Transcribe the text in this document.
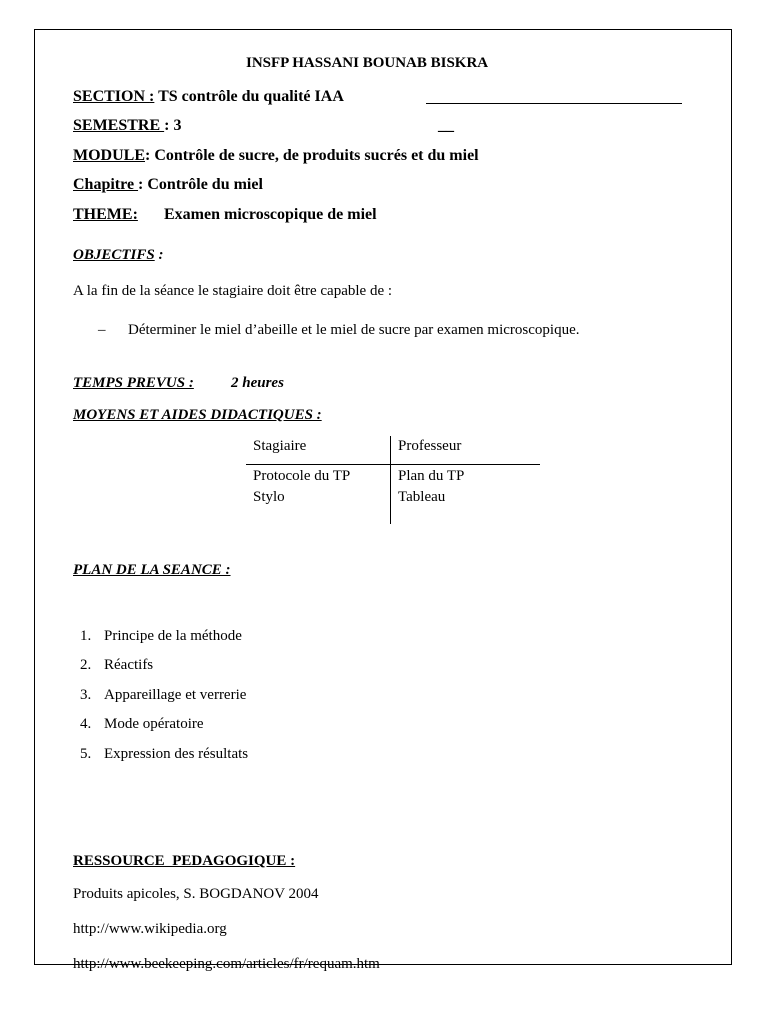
INSFP HASSANI BOUNAB BISKRA
SECTION : TS contrôle du qualité IAA
SEMESTRE : 3	__
MODULE: Contrôle de sucre, de produits sucrés et du miel
Chapitre : Contrôle du miel
THEME: Examen microscopique de miel
OBJECTIFS :
A la fin de la séance le stagiaire doit être capable de :
– Déterminer le miel d’abeille et le miel de sucre par examen microscopique.
TEMPS PREVUS : 2 heures
MOYENS ET AIDES DIDACTIQUES :
Stagiaire	Professeur
Protocole du TP
Stylo
Plan du TP
Tableau
PLAN DE LA SEANCE :
1. Principe de la méthode
2. Réactifs
3. Appareillage et verrerie
4. Mode opératoire
5. Expression des résultats
RESSOURCE  PEDAGOGIQUE :
Produits apicoles, S. BOGDANOV 2004
http://www.wikipedia.org
http://www.beekeeping.com/articles/fr/requam.htm
